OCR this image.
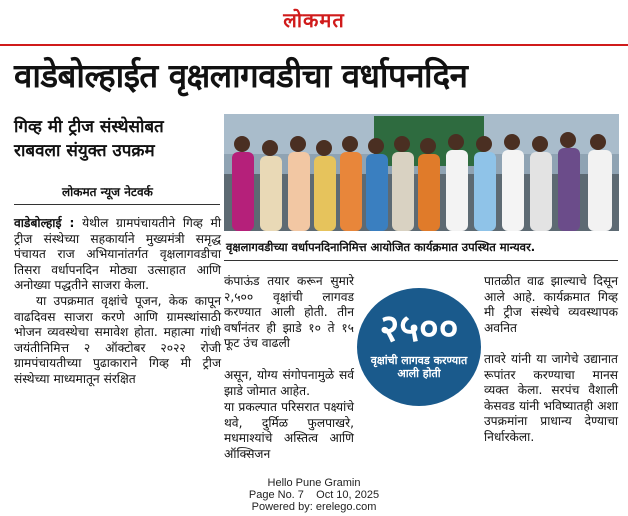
लोकमत
वाडेबोल्हाईत वृक्षलागवडीचा वर्धापनदिन
गिव्ह मी ट्रीज संस्थेसोबत
राबवला संयुक्त उपक्रम
लोकमत न्यूज नेटवर्क

वाडेबोल्हाई : येथील ग्रामपंचायतीने गिव्ह मी ट्रीज संस्थेच्या सहकार्याने मुख्यमंत्री समृद्ध पंचायत राज अभियानांतर्गत वृक्षलागवडीचा तिसरा वर्धापनदिन मोठ्या उत्साहात आणि अनोख्या पद्धतीने साजरा केला.

या उपक्रमात वृक्षांचे पूजन, केक कापून वाढदिवस साजरा करणे आणि ग्रामस्थांसाठी भोजन व्यवस्थेचा समावेश होता. महात्मा गांधी जयंतीनिमित्त २ ऑक्टोबर २०२२ रोजी ग्रामपंचायतीच्या पुढाकाराने गिव्ह मी ट्रीज संस्थेच्या माध्यमातून संरक्षित

वृक्षलागवडीच्या वर्धापनदिनानिमित्त आयोजित कार्यक्रमात उपस्थित मान्यवर.

कंपाऊंड तयार करून सुमारे २,५०० वृक्षांची लागवड करण्यात आली होती. तीन वर्षांनंतर ही झाडे १० ते १५ फूट उंच वाढली

असून, योग्य संगोपनामुळे सर्व झाडे जोमात आहेत.

या प्रकल्पात परिसरात पक्ष्यांचे थवे, दुर्मिळ फुलपाखरे, मधमाश्यांचे अस्तित्व आणि ऑक्सिजन

पातळीत वाढ झाल्याचे दिसून आले आहे. कार्यक्रमात गिव्ह मी ट्रीज संस्थेचे व्यवस्थापक अवनित

तावरे यांनी या जागेचे उद्यानात रूपांतर करण्याचा मानस व्यक्त केला. सरपंच वैशाली केसवड यांनी भविष्यातही अशा उपक्रमांना प्राधान्य देण्याचा निर्धारकेला.

२५००
वृक्षांची लागवड करण्यात आली होती
Hello Pune Gramin
Page No. 7    Oct 10, 2025
Powered by: erelego.com
